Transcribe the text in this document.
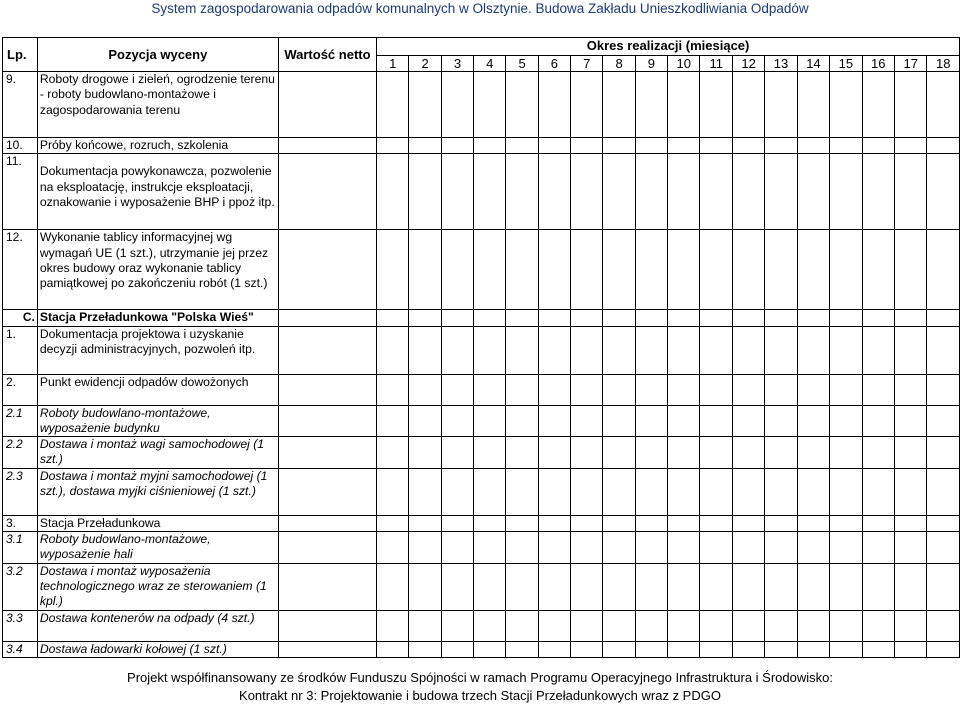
System zagospodarowania odpadów komunalnych w Olsztynie. Budowa Zakładu Unieszkodliwiania Odpadów
Lp.	Pozycja wyceny	Wartość netto	Okres realizacji (miesiące)																	
			1	2	3	4	5	6	7	8	9	10	11	12	13	14	15	16	17	18
9.	Roboty drogowe i zieleń, ogrodzenie terenu - roboty budowlano-montażowe i zagospodarowania terenu																			

10.	Próby końcowe, rozruch, szkolenia																			

11.	Dokumentacja powykonawcza, pozwolenie na eksploatację, instrukcje eksploatacji, oznakowanie i wyposażenie BHP i ppoż itp.																			

12.	Wykonanie tablicy informacyjnej wg wymagań UE (1 szt.), utrzymanie jej przez okres budowy oraz wykonanie tablicy pamiątkowej po zakończeniu robót (1 szt.)																			

C.	Stacja Przeładunkowa "Polska Wieś"																			

1.	Dokumentacja projektowa i uzyskanie decyzji administracyjnych, pozwoleń itp.																			

2.	Punkt ewidencji odpadów dowożonych																			

2.1	Roboty budowlano-montażowe, wyposażenie budynku																			

2.2	Dostawa i montaż wagi samochodowej (1 szt.)																			

2.3	Dostawa i montaż myjni samochodowej (1 szt.), dostawa myjki ciśnieniowej (1 szt.)																			

3.	Stacja Przeładunkowa																			

3.1	Roboty budowlano-montażowe, wyposażenie hali																			

3.2	Dostawa i montaż wyposażenia technologicznego wraz ze sterowaniem (1 kpl.)																			

3.3	Dostawa kontenerów na odpady (4 szt.)																			

3.4	Dostawa ładowarki kołowej (1 szt.)																			

Projekt współfinansowany ze środków Funduszu Spójności w ramach Programu Operacyjnego Infrastruktura i Środowisko:
Kontrakt nr 3: Projektowanie i budowa trzech Stacji Przeładunkowych wraz z PDGO
